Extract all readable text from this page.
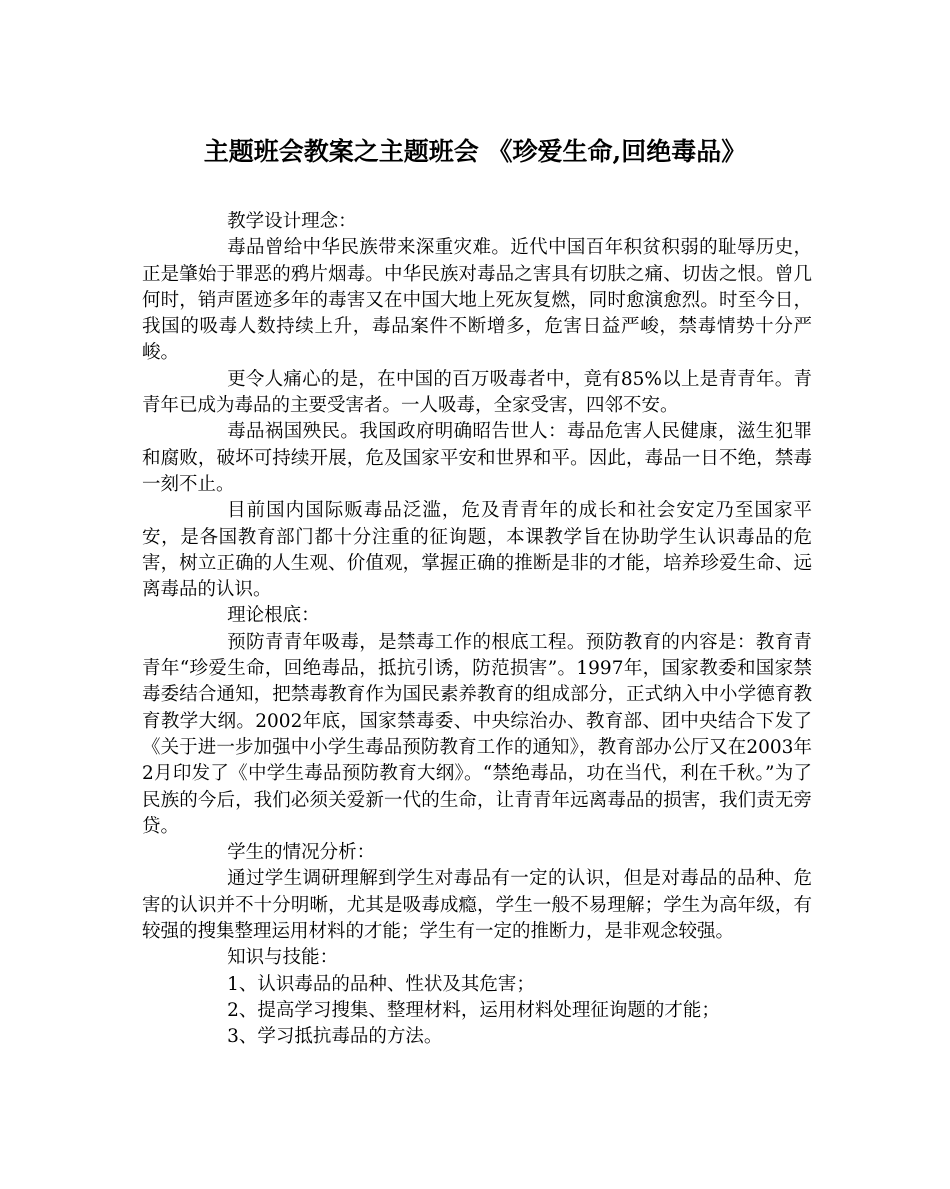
主题班会教案之主题班会 《珍爱生命,回绝毒品》

教学设计理念：

毒品曾给中华民族带来深重灾难。近代中国百年积贫积弱的耻辱历史，正是肇始于罪恶的鸦片烟毒。中华民族对毒品之害具有切肤之痛、切齿之恨。曾几何时，销声匿迹多年的毒害又在中国大地上死灰复燃，同时愈演愈烈。时至今日，我国的吸毒人数持续上升，毒品案件不断增多，危害日益严峻，禁毒情势十分严峻。

更令人痛心的是，在中国的百万吸毒者中，竟有85%以上是青青年。青青年已成为毒品的主要受害者。一人吸毒，全家受害，四邻不安。

毒品祸国殃民。我国政府明确昭告世人：毒品危害人民健康，滋生犯罪和腐败，破坏可持续开展，危及国家平安和世界和平。因此，毒品一日不绝，禁毒一刻不止。

目前国内国际贩毒品泛滥，危及青青年的成长和社会安定乃至国家平安，是各国教育部门都十分注重的征询题，本课教学旨在协助学生认识毒品的危害，树立正确的人生观、价值观，掌握正确的推断是非的才能，培养珍爱生命、远离毒品的认识。

理论根底：

预防青青年吸毒，是禁毒工作的根底工程。预防教育的内容是：教育青青年“珍爱生命，回绝毒品，抵抗引诱，防范损害”。1997年，国家教委和国家禁毒委结合通知，把禁毒教育作为国民素养教育的组成部分，正式纳入中小学德育教育教学大纲。2002年底，国家禁毒委、中央综治办、教育部、团中央结合下发了《关于进一步加强中小学生毒品预防教育工作的通知》，教育部办公厅又在2003年2月印发了《中学生毒品预防教育大纲》。“禁绝毒品，功在当代，利在千秋。”为了民族的今后，我们必须关爱新一代的生命，让青青年远离毒品的损害，我们责无旁贷。

学生的情况分析：

通过学生调研理解到学生对毒品有一定的认识，但是对毒品的品种、危害的认识并不十分明晰，尤其是吸毒成瘾，学生一般不易理解；学生为高年级，有较强的搜集整理运用材料的才能；学生有一定的推断力，是非观念较强。

知识与技能：

1、认识毒品的品种、性状及其危害；

2、提高学习搜集、整理材料，运用材料处理征询题的才能；

3、学习抵抗毒品的方法。
